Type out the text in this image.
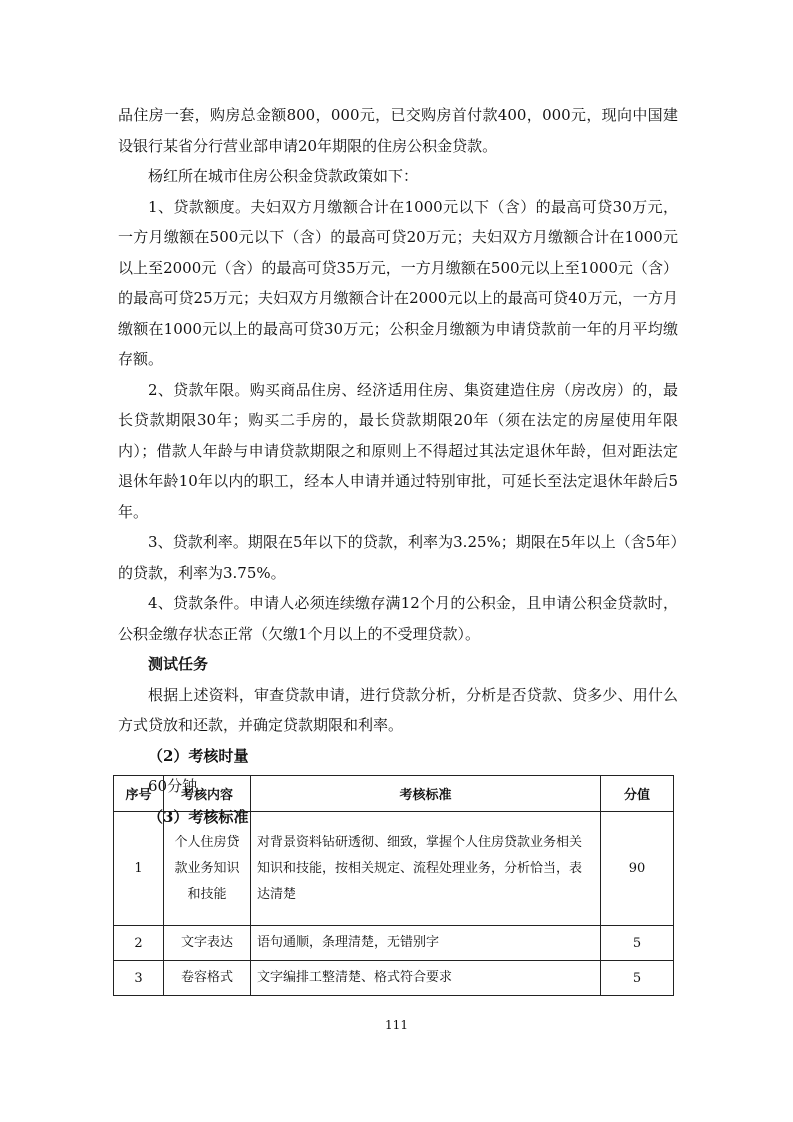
品住房一套，购房总金额800，000元，已交购房首付款400，000元，现向中国建设银行某省分行营业部申请20年期限的住房公积金贷款。

杨红所在城市住房公积金贷款政策如下：

1、贷款额度。夫妇双方月缴额合计在1000元以下（含）的最高可贷30万元，一方月缴额在500元以下（含）的最高可贷20万元；夫妇双方月缴额合计在1000元以上至2000元（含）的最高可贷35万元，一方月缴额在500元以上至1000元（含）的最高可贷25万元；夫妇双方月缴额合计在2000元以上的最高可贷40万元，一方月缴额在1000元以上的最高可贷30万元；公积金月缴额为申请贷款前一年的月平均缴存额。

2、贷款年限。购买商品住房、经济适用住房、集资建造住房（房改房）的，最长贷款期限30年；购买二手房的，最长贷款期限20年（须在法定的房屋使用年限内）；借款人年龄与申请贷款期限之和原则上不得超过其法定退休年龄，但对距法定退休年龄10年以内的职工，经本人申请并通过特别审批，可延长至法定退休年龄后5年。

3、贷款利率。期限在5年以下的贷款，利率为3.25%；期限在5年以上（含5年）的贷款，利率为3.75%。

4、贷款条件。申请人必须连续缴存满12个月的公积金，且申请公积金贷款时，公积金缴存状态正常（欠缴1个月以上的不受理贷款）。

测试任务

根据上述资料，审查贷款申请，进行贷款分析，分析是否贷款、贷多少、用什么方式贷放和还款，并确定贷款期限和利率。

（2）考核时量

60分钟

（3）考核标准

序号	考核内容	考核标准	分值
1	个人住房贷款业务知识和技能	对背景资料钻研透彻、细致，掌握个人住房贷款业务相关知识和技能，按相关规定、流程处理业务，分析恰当，表达清楚	90
2	文字表达	语句通顺，条理清楚，无错别字	5
3	卷容格式	文字编排工整清楚、格式符合要求	5
111
